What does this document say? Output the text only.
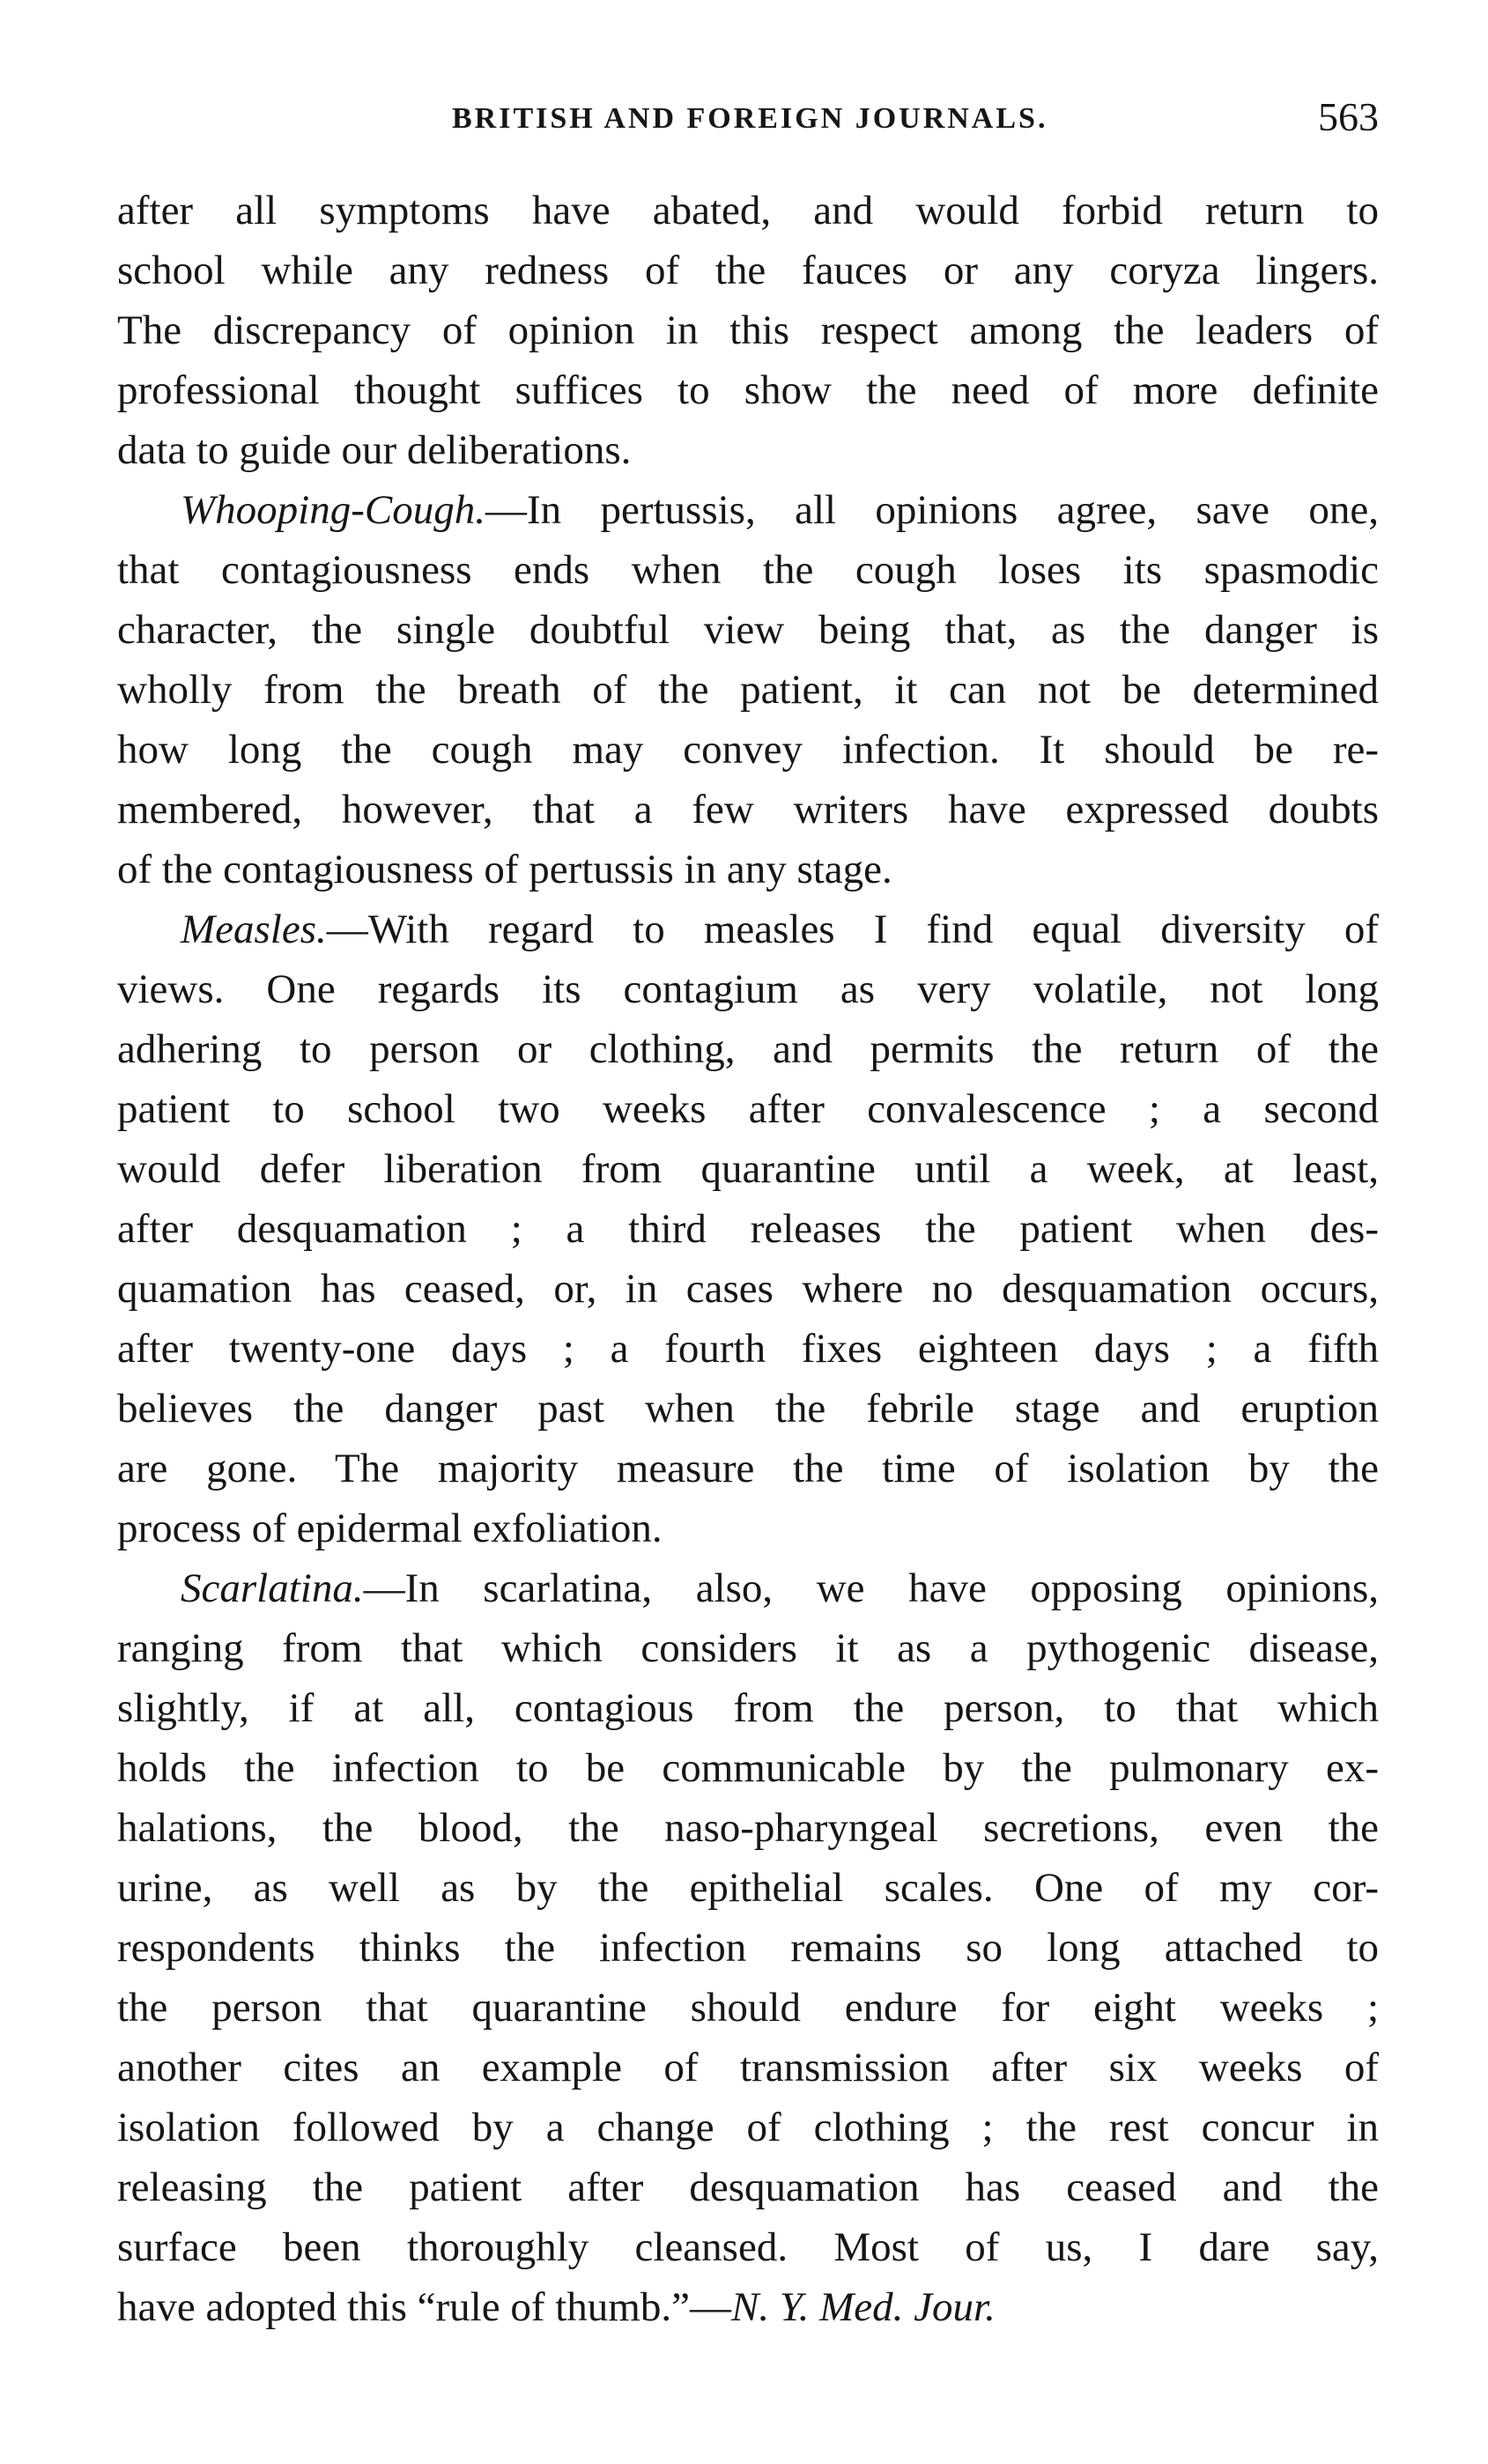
BRITISH AND FOREIGN JOURNALS.	563
after all symptoms have abated, and would forbid return to
school while any redness of the fauces or any coryza lingers.
The discrepancy of opinion in this respect among the leaders of
professional thought suffices to show the need of more definite
data to guide our deliberations.
Whooping-Cough.—In pertussis, all opinions agree, save one,
that contagiousness ends when the cough loses its spasmodic
character, the single doubtful view being that, as the danger is
wholly from the breath of the patient, it can not be determined
how long the cough may convey infection. It should be re-
membered, however, that a few writers have expressed doubts
of the contagiousness of pertussis in any stage.
Measles.—With regard to measles I find equal diversity of
views. One regards its contagium as very volatile, not long
adhering to person or clothing, and permits the return of the
patient to school two weeks after convalescence ; a second
would defer liberation from quarantine until a week, at least,
after desquamation ; a third releases the patient when des-
quamation has ceased, or, in cases where no desquamation occurs,
after twenty-one days ; a fourth fixes eighteen days ; a fifth
believes the danger past when the febrile stage and eruption
are gone. The majority measure the time of isolation by the
process of epidermal exfoliation.
Scarlatina.—In scarlatina, also, we have opposing opinions,
ranging from that which considers it as a pythogenic disease,
slightly, if at all, contagious from the person, to that which
holds the infection to be communicable by the pulmonary ex-
halations, the blood, the naso-pharyngeal secretions, even the
urine, as well as by the epithelial scales. One of my cor-
respondents thinks the infection remains so long attached to
the person that quarantine should endure for eight weeks ;
another cites an example of transmission after six weeks of
isolation followed by a change of clothing ; the rest concur in
releasing the patient after desquamation has ceased and the
surface been thoroughly cleansed. Most of us, I dare say,
have adopted this “rule of thumb.”—N. Y. Med. Jour.
